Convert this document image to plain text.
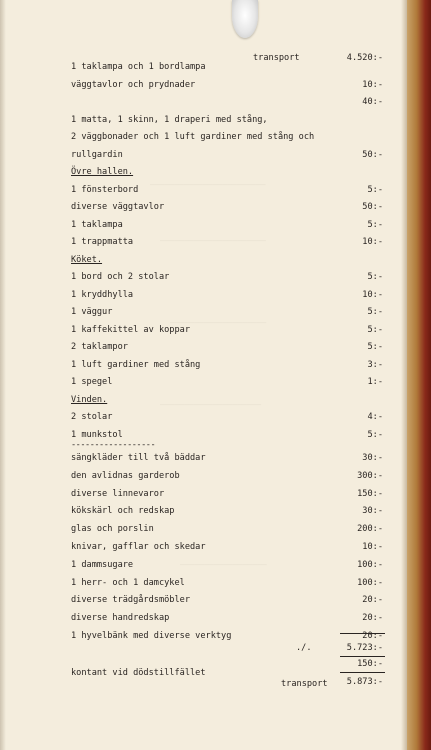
————————————————————————
——————————————————————
————————————————————
—————————————————————
——————————————————
transport	4.520:-
1 taklampa och 1 bordlampa
väggtavlor och prydnader	10:-
40:-
1 matta, 1 skinn, 1 draperi med stång,
2 väggbonader och 1 luft gardiner med stång och
rullgardin	50:-
Övre hallen.
1 fönsterbord	5:-
diverse väggtavlor	50:-
1 taklampa	5:-
1 trappmatta	10:-
Köket.
1 bord och 2 stolar	5:-
1 kryddhylla	10:-
1 väggur	5:-
1 kaffekittel av koppar	5:-
2 taklampor	5:-
1 luft gardiner med stång	3:-
1 spegel	1:-
Vinden.
2 stolar	4:-
1 munkstol	5:-
------------------
sängkläder till två bäddar	30:-
den avlidnas garderob	300:-
diverse linnevaror	150:-
kökskärl och redskap	30:-
glas och porslin	200:-
knivar, gafflar och skedar	10:-
1 dammsugare	100:-
1 herr- och 1 damcykel	100:-
diverse trädgårdsmöbler	20:-
diverse handredskap	20:-
1 hyvelbänk med diverse verktyg	20:-
./.	5.723:-
150:-
kontant vid dödstillfället
transport 5.873:-
